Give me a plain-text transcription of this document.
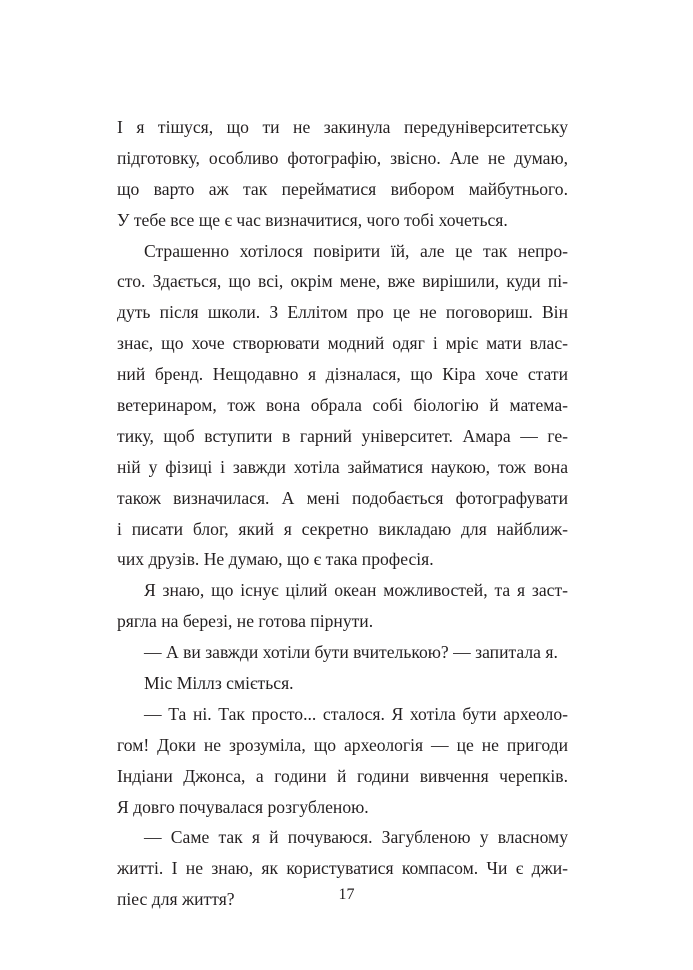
І я тішуся, що ти не закинула передуніверситетську
підготовку, особливо фотографію, звісно. Але не думаю,
що варто аж так перейматися вибором майбутнього.
У тебе все ще є час визначитися, чого тобі хочеться.
Страшенно хотілося повірити їй, але це так непро-
сто. Здається, що всі, окрім мене, вже вирішили, куди пі-
дуть після школи. З Еллітом про це не поговориш. Він
знає, що хоче створювати модний одяг і мріє мати влас-
ний бренд. Нещодавно я дізналася, що Кіра хоче стати
ветеринаром, тож вона обрала собі біологію й матема-
тику, щоб вступити в гарний університет. Амара — ге-
ній у фізиці і завжди хотіла займатися наукою, тож вона
також визначилася. А мені подобається фотографувати
і писати блог, який я секретно викладаю для найближ-
чих друзів. Не думаю, що є така професія.
Я знаю, що існує цілий океан можливостей, та я заст-
рягла на березі, не готова пірнути.
— А ви завжди хотіли бути вчителькою? — запитала я.
Міс Міллз сміється.
— Та ні. Так просто... сталося. Я хотіла бути археоло-
гом! Доки не зрозуміла, що археологія — це не пригоди
Індіани Джонса, а години й години вивчення черепків.
Я довго почувалася розгубленою.
— Саме так я й почуваюся. Загубленою у власному
житті. І не знаю, як користуватися компасом. Чи є джи-
піес для життя?	17
